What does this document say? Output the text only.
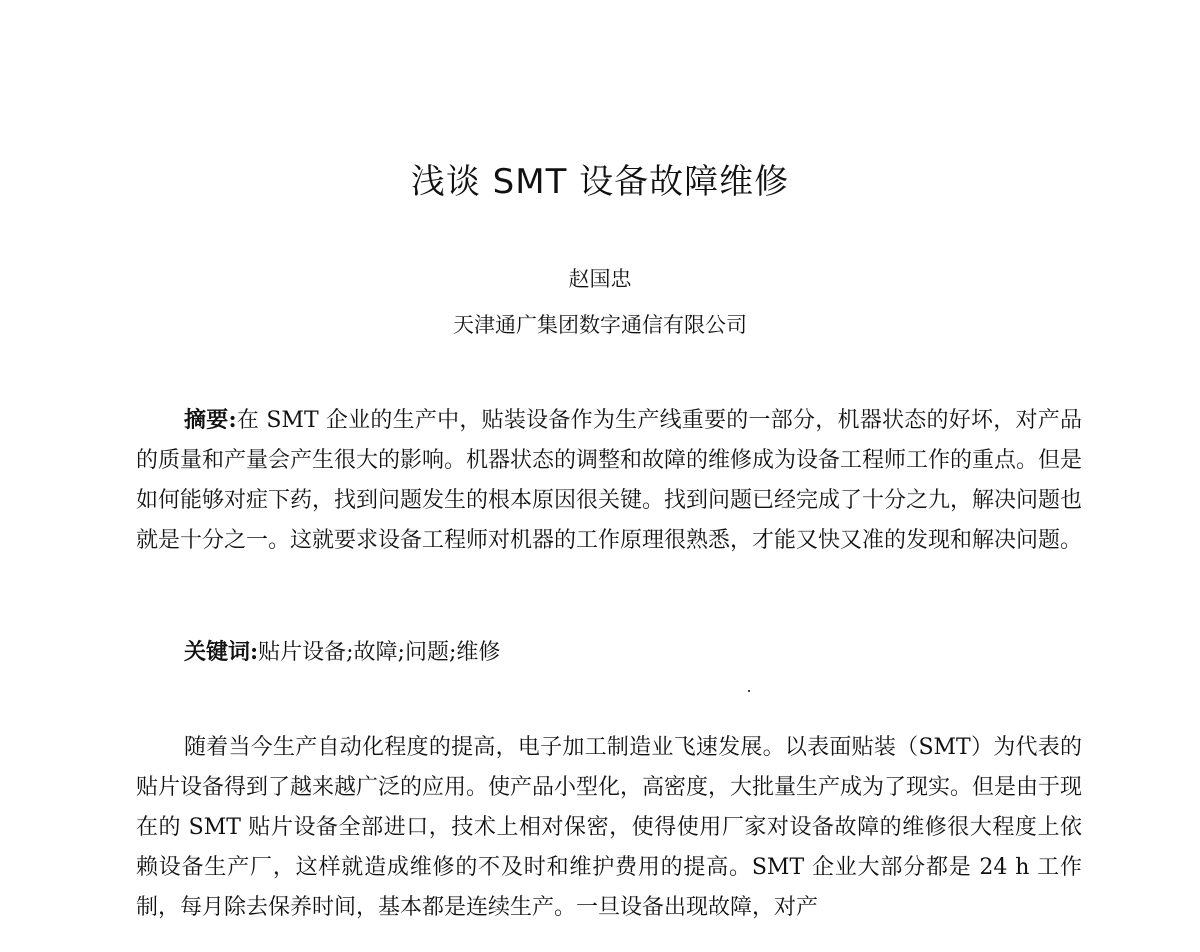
浅谈 SMT 设备故障维修
赵国忠
天津通广集团数字通信有限公司

摘要:在 SMT 企业的生产中，贴装设备作为生产线重要的一部分，机器状态的好坏，对产品的质量和产量会产生很大的影响。机器状态的调整和故障的维修成为设备工程师工作的重点。但是如何能够对症下药，找到问题发生的根本原因很关键。找到问题已经完成了十分之九，解决问题也就是十分之一。这就要求设备工程师对机器的工作原理很熟悉，才能又快又准的发现和解决问题。

关键词:贴片设备;故障;问题;维修

随着当今生产自动化程度的提高，电子加工制造业飞速发展。以表面贴装（SMT）为代表的贴片设备得到了越来越广泛的应用。使产品小型化，高密度，大批量生产成为了现实。但是由于现在的 SMT 贴片设备全部进口，技术上相对保密，使得使用厂家对设备故障的维修很大程度上依赖设备生产厂，这样就造成维修的不及时和维护费用的提高。SMT 企业大部分都是 24 h 工作制，每月除去保养时间，基本都是连续生产。一旦设备出现故障，对产
